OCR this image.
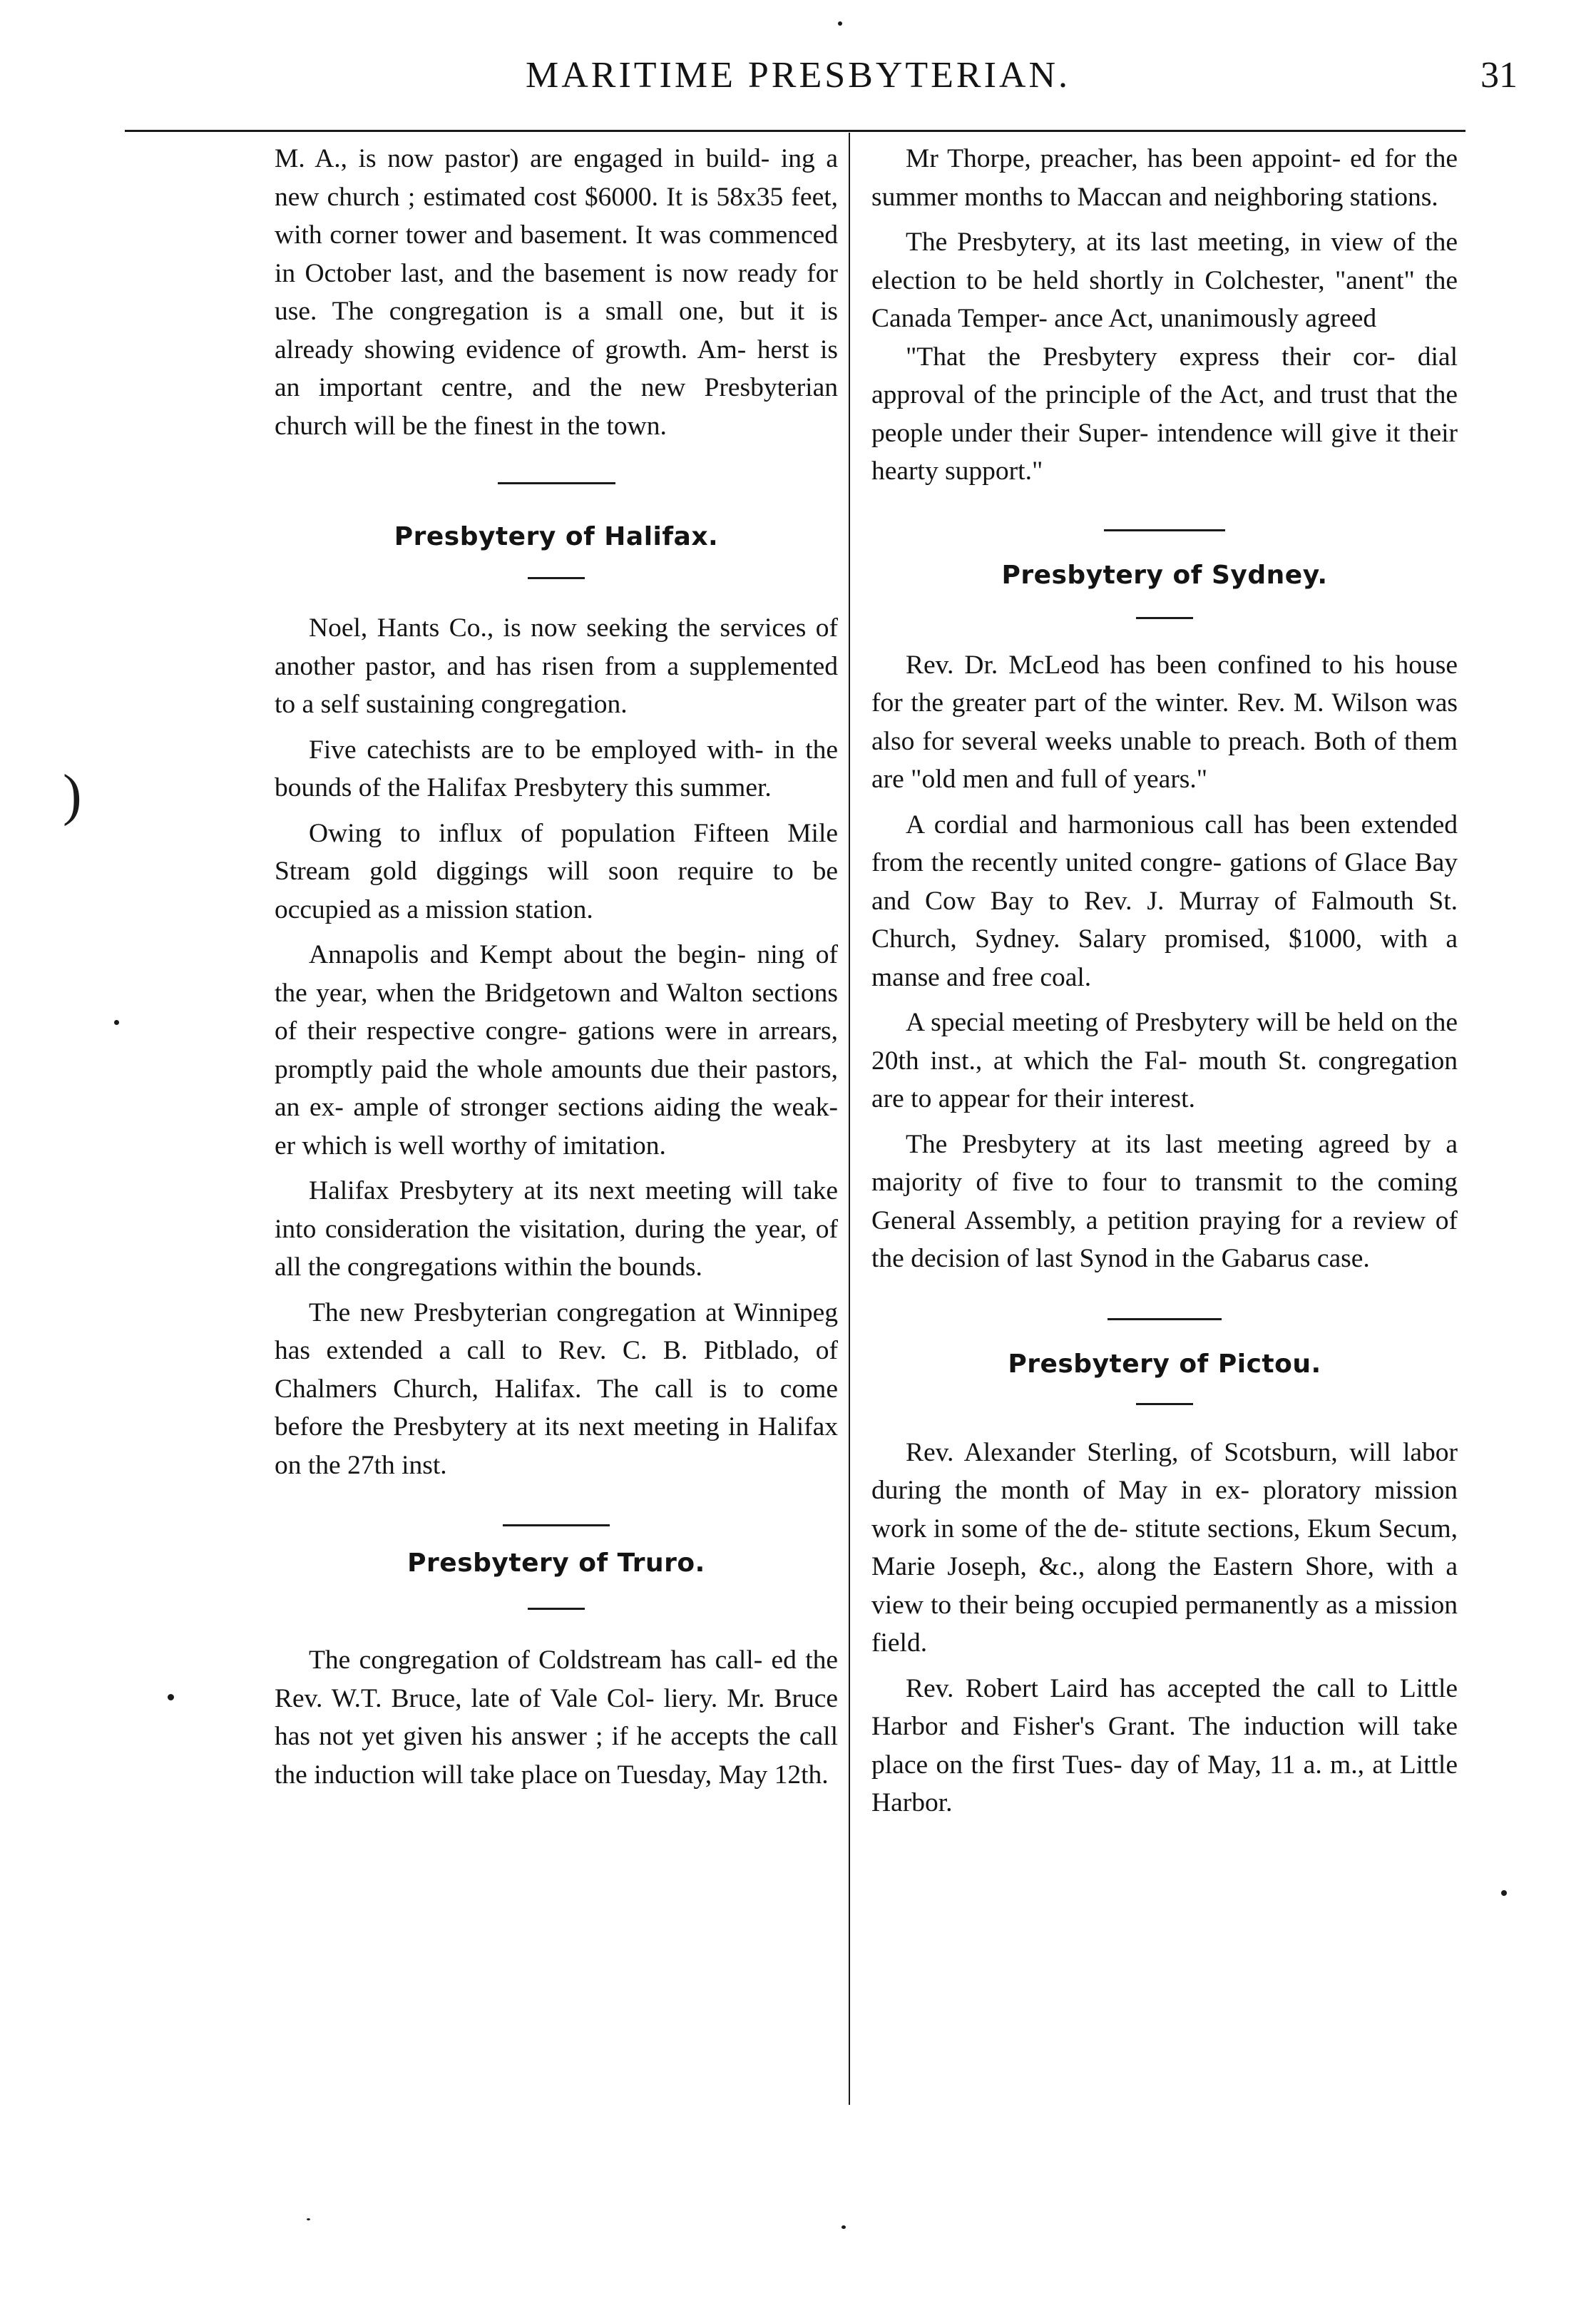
MARITIME PRESBYTERIAN.	31
)

M. A., is now pastor) are engaged in build- ing a new church ; estimated cost $6000. It is 58x35 feet, with corner tower and basement. It was commenced in October last, and the basement is now ready for use. The congregation is a small one, but it is already showing evidence of growth. Am- herst is an important centre, and the new Presbyterian church will be the finest in the town.

Presbytery of Halifax.

Noel, Hants Co., is now seeking the services of another pastor, and has risen from a supplemented to a self sustaining congregation.

Five catechists are to be employed with- in the bounds of the Halifax Presbytery this summer.

Owing to influx of population Fifteen Mile Stream gold diggings will soon require to be occupied as a mission station.

Annapolis and Kempt about the begin- ning of the year, when the Bridgetown and Walton sections of their respective congre- gations were in arrears, promptly paid the whole amounts due their pastors, an ex- ample of stronger sections aiding the weak- er which is well worthy of imitation.

Halifax Presbytery at its next meeting will take into consideration the visitation, during the year, of all the congregations within the bounds.

The new Presbyterian congregation at Winnipeg has extended a call to Rev. C. B. Pitblado, of Chalmers Church, Halifax. The call is to come before the Presbytery at its next meeting in Halifax on the 27th inst.

Presbytery of Truro.

The congregation of Coldstream has call- ed the Rev. W.T. Bruce, late of Vale Col- liery. Mr. Bruce has not yet given his answer ; if he accepts the call the induction will take place on Tuesday, May 12th.

Mr Thorpe, preacher, has been appoint- ed for the summer months to Maccan and neighboring stations.

The Presbytery, at its last meeting, in view of the election to be held shortly in Colchester, "anent" the Canada Temper- ance Act, unanimously agreed

"That the Presbytery express their cor- dial approval of the principle of the Act, and trust that the people under their Super- intendence will give it their hearty support."

Presbytery of Sydney.

Rev. Dr. McLeod has been confined to his house for the greater part of the winter. Rev. M. Wilson was also for several weeks unable to preach. Both of them are "old men and full of years."

A cordial and harmonious call has been extended from the recently united congre- gations of Glace Bay and Cow Bay to Rev. J. Murray of Falmouth St. Church, Sydney. Salary promised, $1000, with a manse and free coal.

A special meeting of Presbytery will be held on the 20th inst., at which the Fal- mouth St. congregation are to appear for their interest.

The Presbytery at its last meeting agreed by a majority of five to four to transmit to the coming General Assembly, a petition praying for a review of the decision of last Synod in the Gabarus case.

Presbytery of Pictou.

Rev. Alexander Sterling, of Scotsburn, will labor during the month of May in ex- ploratory mission work in some of the de- stitute sections, Ekum Secum, Marie Joseph, &c., along the Eastern Shore, with a view to their being occupied permanently as a mission field.

Rev. Robert Laird has accepted the call to Little Harbor and Fisher's Grant. The induction will take place on the first Tues- day of May, 11 a. m., at Little Harbor.
